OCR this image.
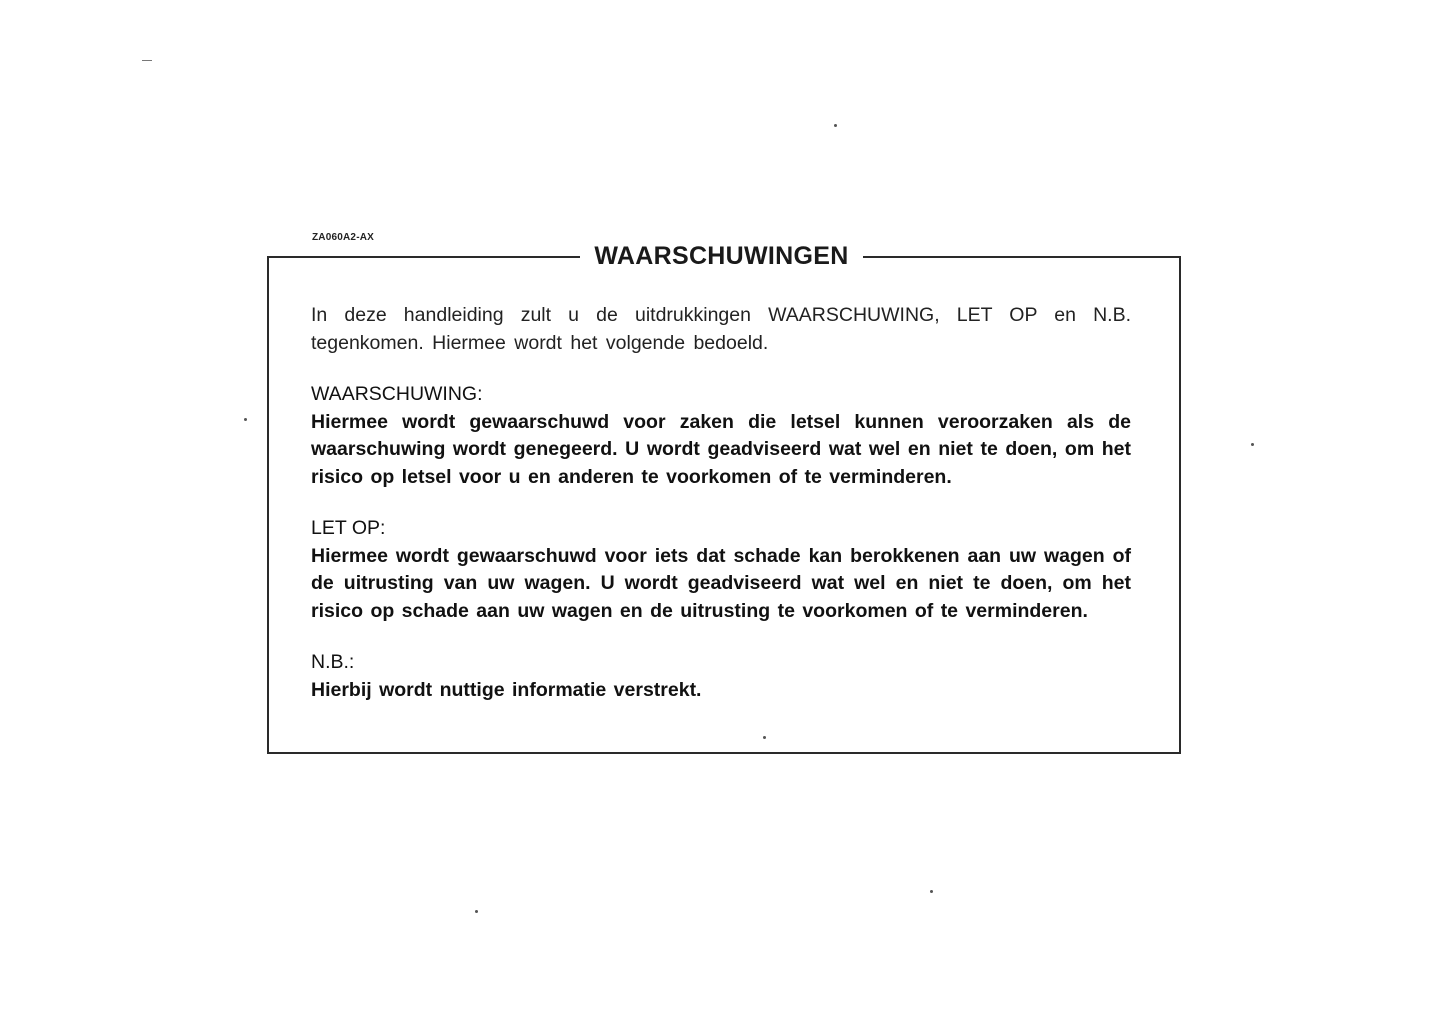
ZA060A2-AX
WAARSCHUWINGEN

In deze handleiding zult u de uitdrukkingen WAARSCHUWING, LET OP en N.B. tegenkomen. Hiermee wordt het volgende bedoeld.

WAARSCHUWING:

Hiermee wordt gewaarschuwd voor zaken die letsel kunnen veroorzaken als de waarschuwing wordt genegeerd. U wordt geadviseerd wat wel en niet te doen, om het risico op letsel voor u en anderen te voorkomen of te verminderen.

LET OP:

Hiermee wordt gewaarschuwd voor iets dat schade kan berokkenen aan uw wagen of de uitrusting van uw wagen. U wordt geadviseerd wat wel en niet te doen, om het risico op schade aan uw wagen en de uitrusting te voorkomen of te verminderen.

N.B.:

Hierbij wordt nuttige informatie verstrekt.
